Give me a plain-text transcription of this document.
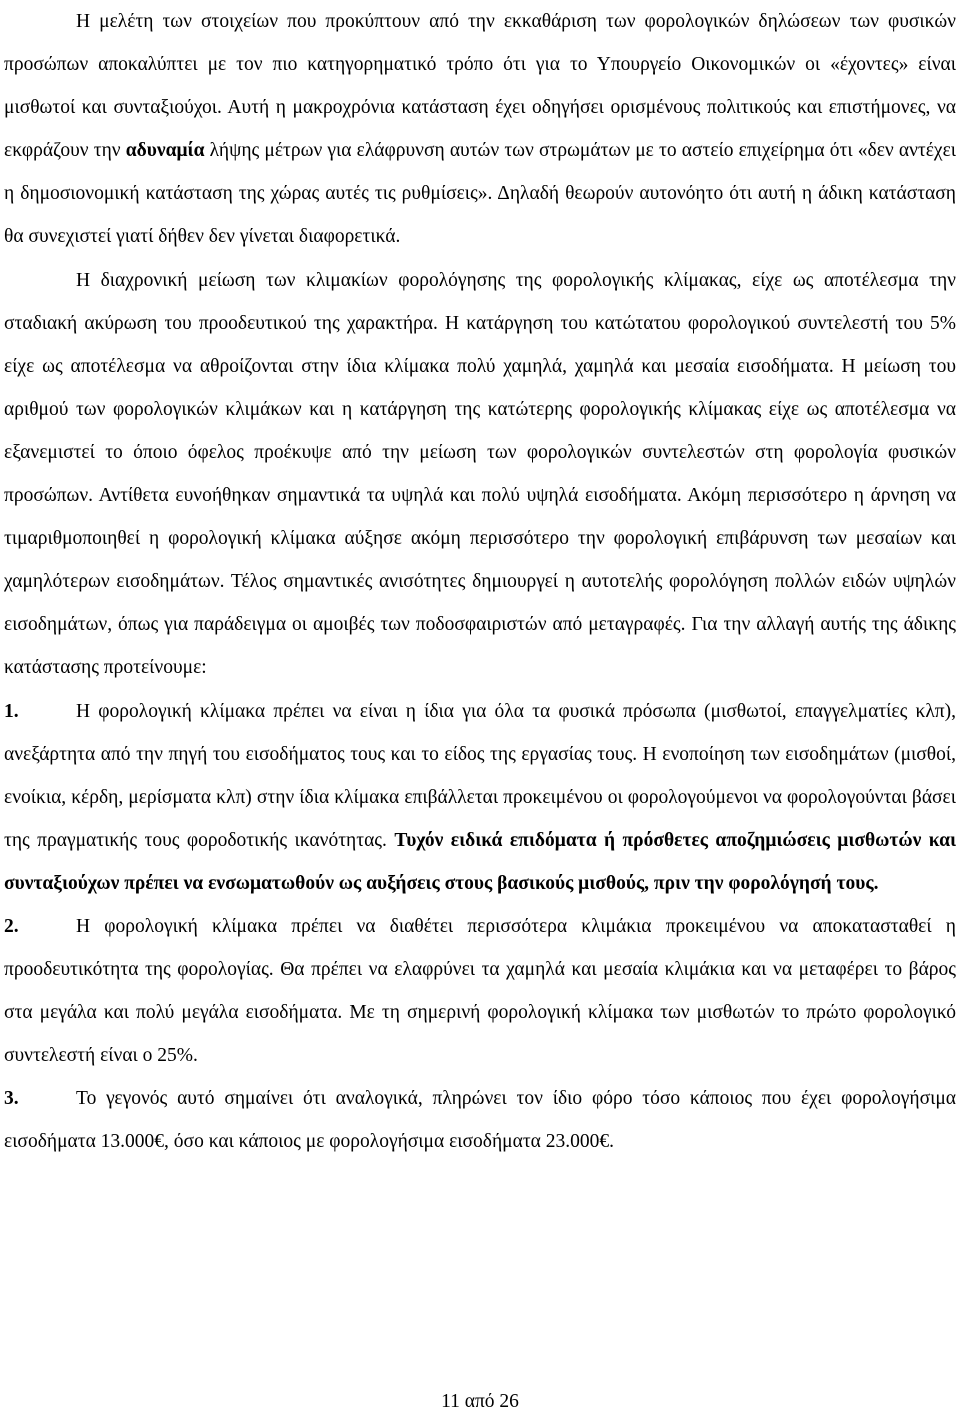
Η μελέτη των στοιχείων που προκύπτουν από την εκκαθάριση των φορολογικών δηλώσεων των φυσικών προσώπων αποκαλύπτει με τον πιο κατηγορηματικό τρόπο ότι για το Υπουργείο Οικονομικών οι «έχοντες» είναι μισθωτοί και συνταξιούχοι. Αυτή η μακροχρόνια κατάσταση έχει οδηγήσει ορισμένους πολιτικούς και επιστήμονες, να εκφράζουν την αδυναμία λήψης μέτρων για ελάφρυνση αυτών των στρωμάτων με το αστείο επιχείρημα ότι «δεν αντέχει η δημοσιονομική κατάσταση της χώρας αυτές τις ρυθμίσεις». Δηλαδή θεωρούν αυτονόητο ότι αυτή η άδικη κατάσταση θα συνεχιστεί γιατί δήθεν δεν γίνεται διαφορετικά.

Η διαχρονική μείωση των κλιμακίων φορολόγησης της φορολογικής κλίμακας, είχε ως αποτέλεσμα την σταδιακή ακύρωση του προοδευτικού της χαρακτήρα. Η κατάργηση του κατώτατου φορολογικού συντελεστή του 5% είχε ως αποτέλεσμα να αθροίζονται στην ίδια κλίμακα πολύ χαμηλά, χαμηλά και μεσαία εισοδήματα. Η μείωση του αριθμού των φορολογικών κλιμάκων και η κατάργηση της κατώτερης φορολογικής κλίμακας είχε ως αποτέλεσμα να εξανεμιστεί το όποιο όφελος προέκυψε από την μείωση των φορολογικών συντελεστών στη φορολογία φυσικών προσώπων. Αντίθετα ευνοήθηκαν σημαντικά τα υψηλά και πολύ υψηλά εισοδήματα. Ακόμη περισσότερο η άρνηση να τιμαριθμοποιηθεί η φορολογική κλίμακα αύξησε ακόμη περισσότερο την φορολογική επιβάρυνση των μεσαίων και χαμηλότερων εισοδημάτων. Τέλος σημαντικές ανισότητες δημιουργεί η αυτοτελής φορολόγηση πολλών ειδών υψηλών εισοδημάτων, όπως για παράδειγμα οι αμοιβές των ποδοσφαιριστών από μεταγραφές. Για την αλλαγή αυτής της άδικης κατάστασης προτείνουμε:

1.	Η φορολογική κλίμακα πρέπει να είναι η ίδια για όλα τα φυσικά πρόσωπα (μισθωτοί, επαγγελματίες κλπ), ανεξάρτητα από την πηγή του εισοδήματος τους και το είδος της εργασίας τους. Η ενοποίηση των εισοδημάτων (μισθοί, ενοίκια, κέρδη, μερίσματα κλπ) στην ίδια κλίμακα επιβάλλεται προκειμένου οι φορολογούμενοι να φορολογούνται βάσει της πραγματικής τους φοροδοτικής ικανότητας. Τυχόν ειδικά επιδόματα ή πρόσθετες αποζημιώσεις μισθωτών και συνταξιούχων πρέπει να ενσωματωθούν ως αυξήσεις στους βασικούς μισθούς, πριν την φορολόγησή τους.

2.	Η φορολογική κλίμακα πρέπει να διαθέτει περισσότερα κλιμάκια προκειμένου να αποκατασταθεί η προοδευτικότητα της φορολογίας. Θα πρέπει να ελαφρύνει τα χαμηλά και μεσαία κλιμάκια και να μεταφέρει το βάρος στα μεγάλα και πολύ μεγάλα εισοδήματα. Με τη σημερινή φορολογική κλίμακα των μισθωτών το πρώτο φορολογικό συντελεστή είναι ο 25%.

3.	Το γεγονός αυτό σημαίνει ότι αναλογικά, πληρώνει τον ίδιο φόρο τόσο κάποιος που έχει φορολογήσιμα εισοδήματα 13.000€, όσο και κάποιος με φορολογήσιμα εισοδήματα 23.000€.

11 από 26
